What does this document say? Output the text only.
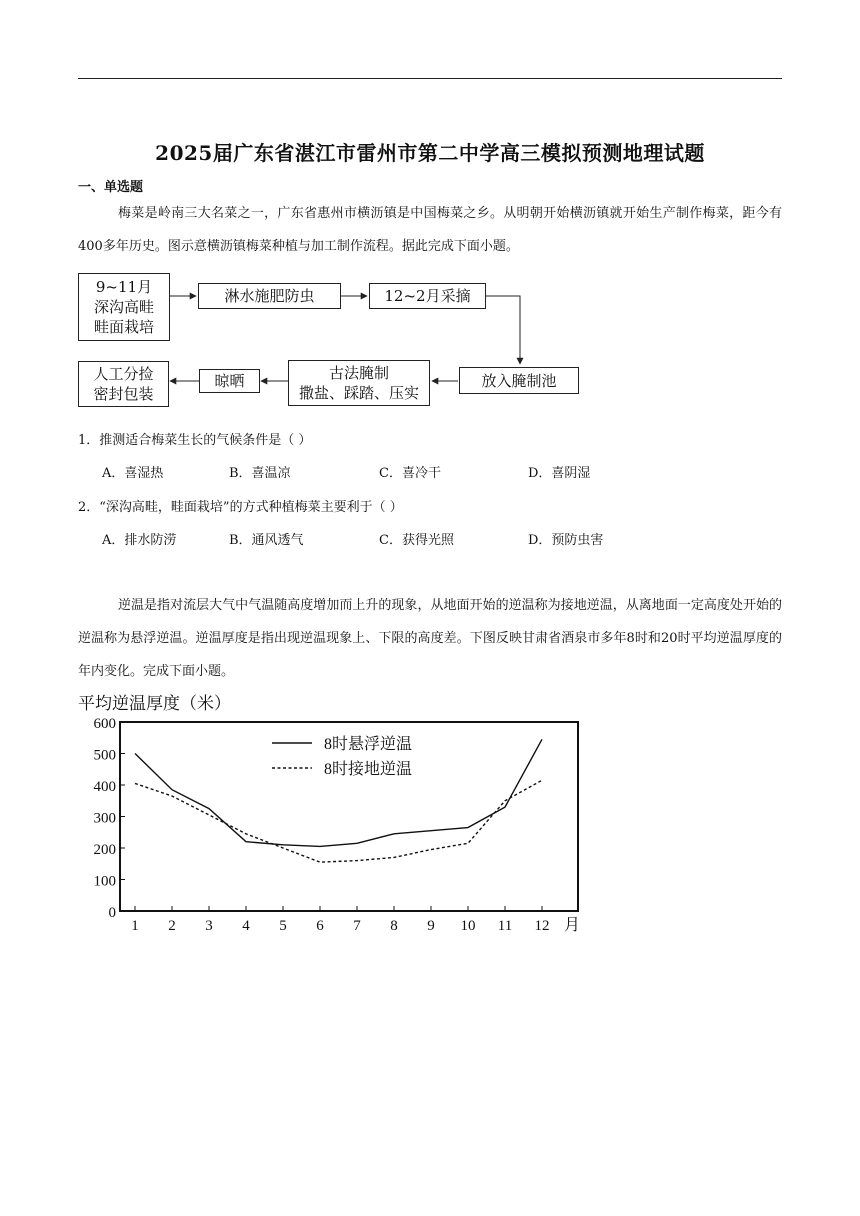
2025届广东省湛江市雷州市第二中学高三模拟预测地理试题
一、单选题
梅菜是岭南三大名菜之一，广东省惠州市横沥镇是中国梅菜之乡。从明朝开始横沥镇就开始生产制作梅菜，距今有400多年历史。图示意横沥镇梅菜种植与加工制作流程。据此完成下面小题。
9~11月
深沟高畦
畦面栽培
淋水施肥防虫	12~2月采摘
放入腌制池
古法腌制
撒盐、踩踏、压实
晾晒
人工分捡
密封包装
1．推测适合梅菜生长的气候条件是（ ）
A．喜湿热	B．喜温凉	C．喜冷干	D．喜阴湿
2．“深沟高畦，畦面栽培”的方式种植梅菜主要利于（ ）
A．排水防涝	B．通风透气	C．获得光照	D．预防虫害
逆温是指对流层大气中气温随高度增加而上升的现象，从地面开始的逆温称为接地逆温，从离地面一定高度处开始的逆温称为悬浮逆温。逆温厚度是指出现逆温现象上、下限的高度差。下图反映甘肃省酒泉市多年8时和20时平均逆温厚度的年内变化。完成下面小题。
平均逆温厚度（米）
600
500
400
300
200
100
0
1 2 3 4 5 6 7 8 9 10 11 12 月
8时悬浮逆温
8时接地逆温
